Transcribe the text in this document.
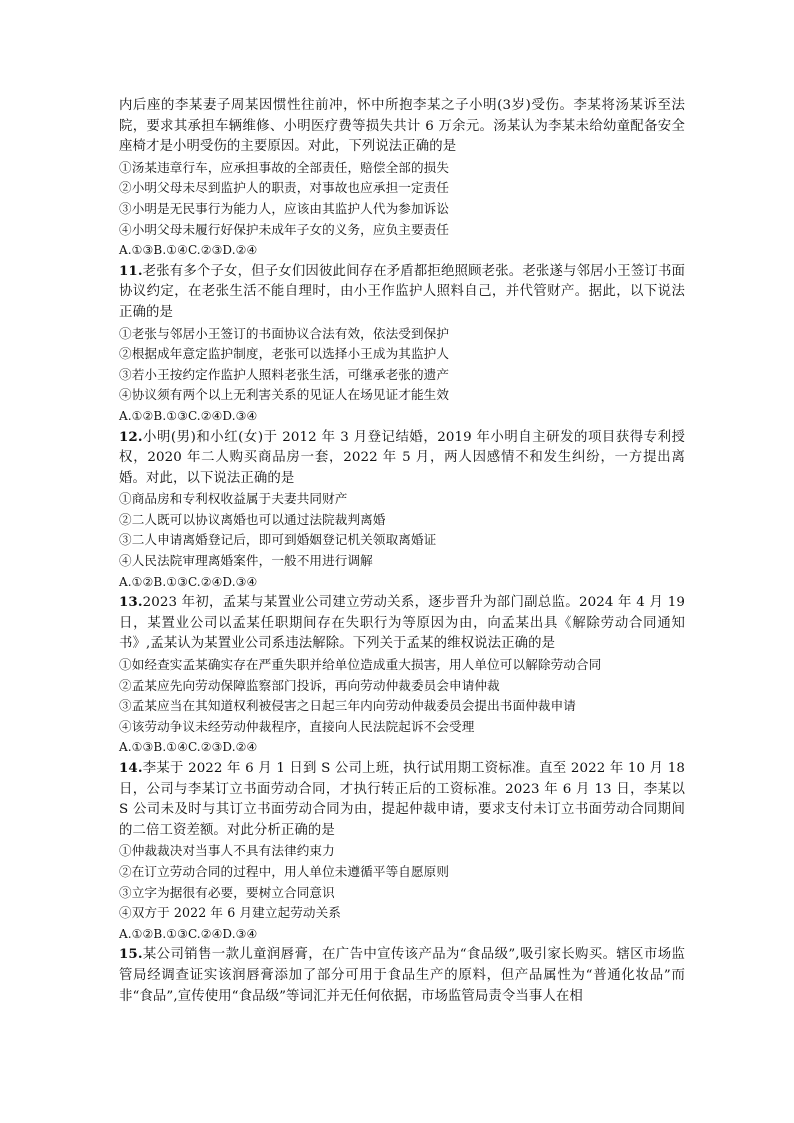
内后座的李某妻子周某因惯性往前冲，怀中所抱李某之子小明(3岁)受伤。李某将汤某诉至法院，要求其承担车辆维修、小明医疗费等损失共计 6 万余元。汤某认为李某未给幼童配备安全座椅才是小明受伤的主要原因。对此，下列说法正确的是

①汤某违章行车，应承担事故的全部责任，赔偿全部的损失

②小明父母未尽到监护人的职责，对事故也应承担一定责任

③小明是无民事行为能力人，应该由其监护人代为参加诉讼

④小明父母未履行好保护未成年子女的义务，应负主要责任

A.①③B.①④C.②③D.②④

11.老张有多个子女，但子女们因彼此间存在矛盾都拒绝照顾老张。老张遂与邻居小王签订书面协议约定，在老张生活不能自理时，由小王作监护人照料自己，并代管财产。据此，以下说法正确的是

①老张与邻居小王签订的书面协议合法有效，依法受到保护

②根据成年意定监护制度，老张可以选择小王成为其监护人

③若小王按约定作监护人照料老张生活，可继承老张的遗产

④协议须有两个以上无利害关系的见证人在场见证才能生效

A.①②B.①③C.②④D.③④

12.小明(男)和小红(女)于 2012 年 3 月登记结婚，2019 年小明自主研发的项目获得专利授权，2020 年二人购买商品房一套，2022 年 5 月，两人因感情不和发生纠纷，一方提出离婚。对此，以下说法正确的是

①商品房和专利权收益属于夫妻共同财产

②二人既可以协议离婚也可以通过法院裁判离婚

③二人申请离婚登记后，即可到婚姻登记机关领取离婚证

④人民法院审理离婚案件，一般不用进行调解

A.①②B.①③C.②④D.③④

13.2023 年初，孟某与某置业公司建立劳动关系，逐步晋升为部门副总监。2024 年 4 月 19 日，某置业公司以孟某任职期间存在失职行为等原因为由，向孟某出具《解除劳动合同通知书》,孟某认为某置业公司系违法解除。下列关于孟某的维权说法正确的是

①如经查实孟某确实存在严重失职并给单位造成重大损害，用人单位可以解除劳动合同

②孟某应先向劳动保障监察部门投诉，再向劳动仲裁委员会申请仲裁

③孟某应当在其知道权利被侵害之日起三年内向劳动仲裁委员会提出书面仲裁申请

④该劳动争议未经劳动仲裁程序，直接向人民法院起诉不会受理

A.①③B.①④C.②③D.②④

14.李某于 2022 年 6 月 1 日到 S 公司上班，执行试用期工资标准。直至 2022 年 10 月 18 日，公司与李某订立书面劳动合同，才执行转正后的工资标准。2023 年 6 月 13 日，李某以 S 公司未及时与其订立书面劳动合同为由，提起仲裁申请，要求支付未订立书面劳动合同期间的二倍工资差额。对此分析正确的是

①仲裁裁决对当事人不具有法律约束力

②在订立劳动合同的过程中，用人单位未遵循平等自愿原则

③立字为据很有必要，要树立合同意识

④双方于 2022 年 6 月建立起劳动关系

A.①②B.①③C.②④D.③④

15.某公司销售一款儿童润唇膏，在广告中宣传该产品为“食品级”,吸引家长购买。辖区市场监管局经调查证实该润唇膏添加了部分可用于食品生产的原料，但产品属性为“普通化妆品”而非“食品”,宣传使用“食品级”等词汇并无任何依据，市场监管局责令当事人在相
